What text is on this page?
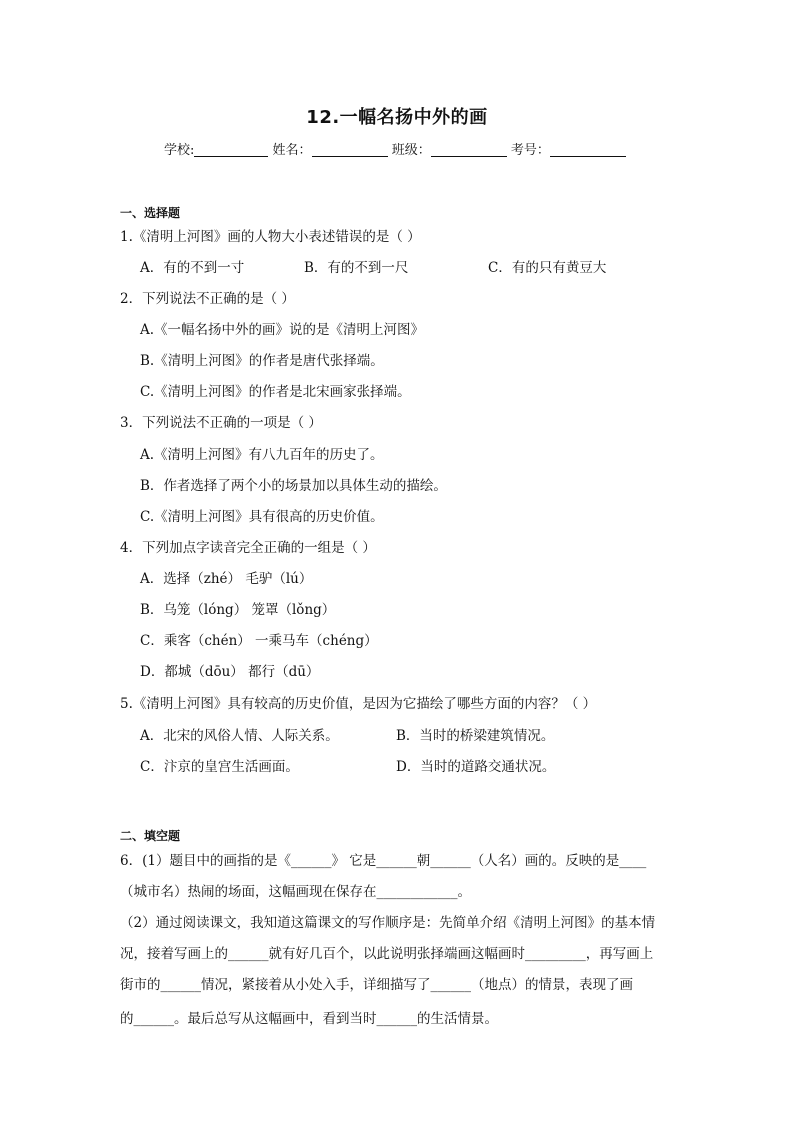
12.一幅名扬中外的画
学校:	姓名：	班级：	考号：
一、选择题
1.《清明上河图》画的人物大小表述错误的是（ ）
A．有的不到一寸	B．有的不到一尺	C．有的只有黄豆大
2．下列说法不正确的是（ ）
A.《一幅名扬中外的画》说的是《清明上河图》
B.《清明上河图》的作者是唐代张择端。
C.《清明上河图》的作者是北宋画家张择端。
3．下列说法不正确的一项是（ ）
A.《清明上河图》有八九百年的历史了。
B．作者选择了两个小的场景加以具体生动的描绘。
C.《清明上河图》具有很高的历史价值。
4．下列加点字读音完全正确的一组是（ ）
A．选择（zhé） 毛驴（lú）
B．乌笼（lóng） 笼罩（lǒng）
C．乘客（chén） 一乘马车（chéng）
D．都城（dōu） 都行（dū）
5.《清明上河图》具有较高的历史价值，是因为它描绘了哪些方面的内容？（ ）
A．北宋的风俗人情、人际关系。	B．当时的桥梁建筑情况。
C．汴京的皇宫生活画面。	D．当时的道路交通状况。
二、填空题
6．(1）题目中的画指的是《______》 它是______朝______（人名）画的。反映的是____
（城市名）热闹的场面，这幅画现在保存在____________。
（2）通过阅读课文，我知道这篇课文的写作顺序是：先简单介绍《清明上河图》的基本情
况，接着写画上的______就有好几百个，以此说明张择端画这幅画时_________，再写画上
街市的______情况，紧接着从小处入手，详细描写了______（地点）的情景，表现了画
的______。最后总写从这幅画中，看到当时______的生活情景。
